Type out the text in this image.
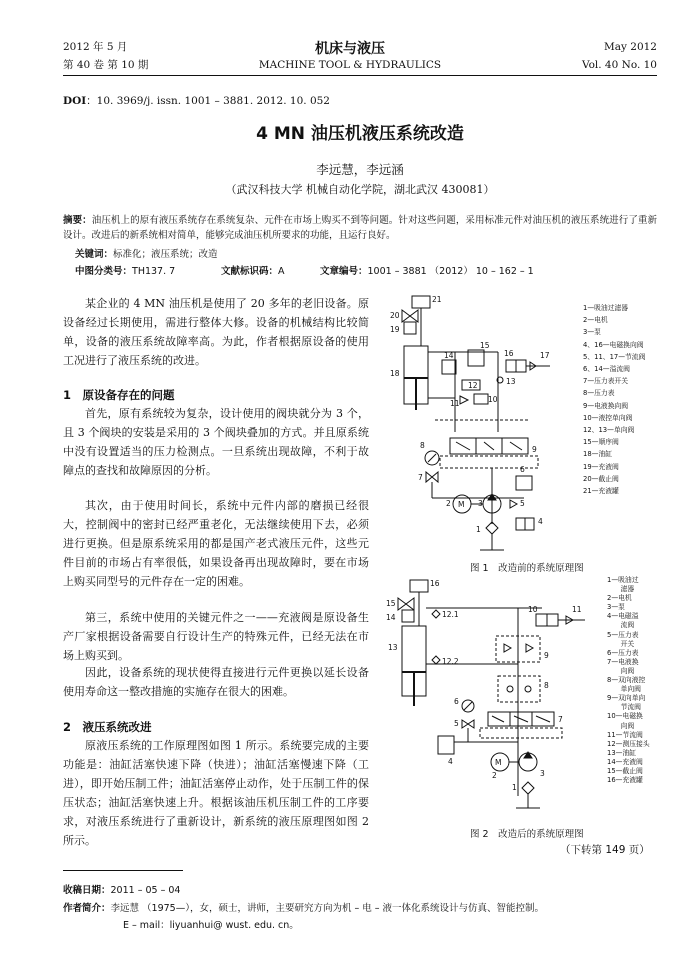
2012 年 5 月
第 40 卷 第 10 期
机床与液压
MACHINE TOOL & HYDRAULICS
May 2012
Vol. 40 No. 10
DOI：10. 3969/j. issn. 1001 – 3881. 2012. 10. 052
4 MN 油压机液压系统改造
李远慧，李远涵
（武汉科技大学 机械自动化学院，湖北武汉 430081）
摘要：油压机上的原有液压系统存在系统复杂、元件在市场上购买不到等问题。针对这些问题，采用标准元件对油压机的液压系统进行了重新设计。改进后的新系统相对简单，能够完成油压机所要求的功能，且运行良好。
关键词：标准化；液压系统；改造
中图分类号：TH137. 7	文献标识码：A	文章编号：1001 – 3881 （2012） 10 – 162 – 1
某企业的 4 MN 油压机是使用了 20 多年的老旧设备。原设备经过长期使用，需进行整体大修。设备的机械结构比较简单，设备的液压系统故障率高。为此，作者根据原设备的使用工况进行了液压系统的改进。
1　原设备存在的问题
首先，原有系统较为复杂，设计使用的阀块就分为 3 个，且 3 个阀块的安装是采用的 3 个阀块叠加的方式。并且原系统中没有设置适当的压力检测点。一旦系统出现故障，不利于故障点的查找和故障原因的分析。
其次，由于使用时间长，系统中元件内部的磨损已经很大，控制阀中的密封已经严重老化，无法继续使用下去，必须进行更换。但是原系统采用的都是国产老式液压元件，这些元件目前的市场占有率很低，如果设备再出现故障时，要在市场上购买同型号的元件存在一定的困难。
第三，系统中使用的关键元件之一——充液阀是原设备生产厂家根据设备需要自行设计生产的特殊元件，已经无法在市场上购买到。
因此，设备系统的现状使得直接进行元件更换以延长设备使用寿命这一整改措施的实施存在很大的困难。
2　液压系统改进
原液压系统的工作原理图如图 1 所示。系统要完成的主要功能是：油缸活塞快速下降（快进）；油缸活塞慢速下降（工进），即开始压制工件；油缸活塞停止动作，处于压制工件的保压状态；油缸活塞快速上升。根据该油压机压制工件的工序要求，对液压系统进行了重新设计，新系统的液压原理图如图 2 所示。
21
20
19
18
14
15
16	17
13
12
11	10
9
8
7
6
5
4
3
2
1
M
1—吸油过滤器
2—电机
3—泵
4、16—电磁换向阀
5、11、17—节流阀
6、14—溢流阀
7—压力表开关
8—压力表
9—电液换向阀
10—液控单向阀
12、13—单向阀
15—顺序阀
18—油缸
19—充液阀
20—截止阀
21—充液罐
图 1　改造前的系统原理图
16
15
14	12.1
12.2
13
11
10
9
8
7
6
5
4
3
2
1
M
1—吸油过
　　滤器
2—电机
3—泵
4—电磁溢
　　流阀
5—压力表
　　开关
6—压力表
7—电液换
　　向阀
8—双向液控
　　单向阀
9—双向单向
　　节流阀
10—电磁换
　　向阀
11—节流阀
12—测压接头
13—油缸
14—充液阀
15—截止阀
16—充液罐
图 2　改造后的系统原理图
（下转第 149 页）
收稿日期：2011 – 05 – 04
作者简介：李远慧 （1975—），女，硕士，讲师，主要研究方向为机 – 电 – 液一体化系统设计与仿真、智能控制。
E – mail：liyuanhui@ wust. edu. cn。
